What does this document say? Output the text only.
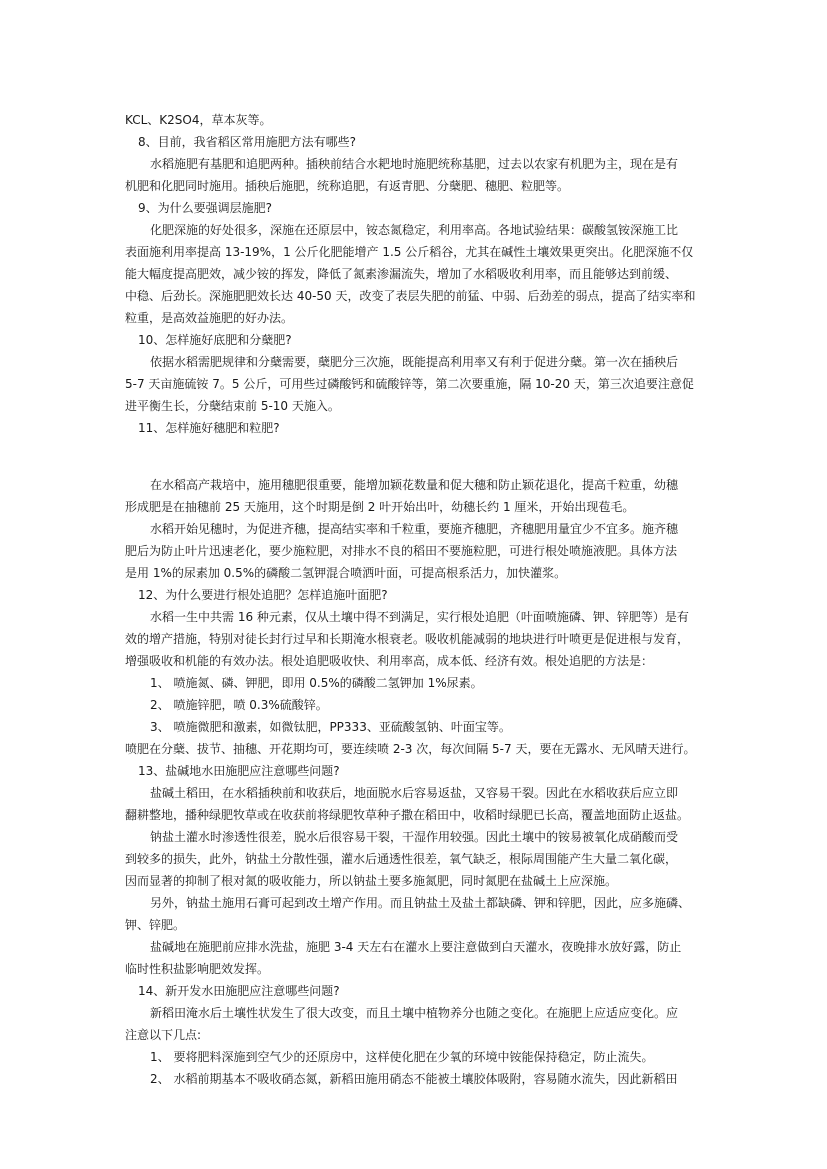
KCL、K2SO4，草本灰等。
8、目前，我省稻区常用施肥方法有哪些?
水稻施肥有基肥和追肥两种。插秧前结合水耙地时施肥统称基肥，过去以农家有机肥为主，现在是有
机肥和化肥同时施用。插秧后施肥，统称追肥，有返青肥、分蘖肥、穗肥、粒肥等。
9、为什么要强调层施肥?
化肥深施的好处很多，深施在还原层中，铵态氮稳定，利用率高。各地试验结果：碳酸氢铵深施工比
表面施利用率提高 13-19%，1 公斤化肥能增产 1.5 公斤稻谷，尤其在碱性土壤效果更突出。化肥深施不仅
能大幅度提高肥效，减少铵的挥发，降低了氮素渗漏流失，增加了水稻吸收利用率，而且能够达到前缓、
中稳、后劲长。深施肥肥效长达 40-50 天，改变了表层失肥的前猛、中弱、后劲差的弱点，提高了结实率和
粒重，是高效益施肥的好办法。
10、怎样施好底肥和分蘖肥?
依据水稻需肥规律和分蘖需要，蘖肥分三次施，既能提高利用率又有利于促进分蘖。第一次在插秧后
5-7 天亩施硫铵 7。5 公斤，可用些过磷酸钙和硫酸锌等，第二次要重施，隔 10-20 天，第三次追要注意促
进平衡生长，分蘖结束前 5-10 天施入。
11、怎样施好穗肥和粒肥?
在水稻高产栽培中，施用穗肥很重要，能增加颖花数量和促大穗和防止颖花退化，提高千粒重，幼穗
形成肥是在抽穗前 25 天施用，这个时期是倒 2 叶开始出叶，幼穗长约 1 厘米，开始出现苞毛。
水稻开始见穗时，为促进齐穗，提高结实率和千粒重，要施齐穗肥，齐穗肥用量宜少不宜多。施齐穗
肥后为防止叶片迅速老化，要少施粒肥，对排水不良的稻田不要施粒肥，可进行根处喷施液肥。具体方法
是用 1%的尿素加 0.5%的磷酸二氢钾混合喷洒叶面，可提高根系活力，加快灌浆。
12、为什么要进行根处追肥？怎样追施叶面肥?
水稻一生中共需 16 种元素，仅从土壤中得不到满足，实行根处追肥（叶面喷施磷、钾、锌肥等）是有
效的增产措施，特别对徒长封行过早和长期淹水根衰老。吸收机能减弱的地块进行叶喷更是促进根与发育，
增强吸收和机能的有效办法。根处追肥吸收快、利用率高，成本低、经济有效。根处追肥的方法是：
1、 喷施氮、磷、钾肥，即用 0.5%的磷酸二氢钾加 1%尿素。
2、 喷施锌肥，喷 0.3%硫酸锌。
3、 喷施微肥和激素，如微钛肥，PP333、亚硫酸氢钠、叶面宝等。
喷肥在分蘖、拔节、抽穗、开花期均可，要连续喷 2-3 次，每次间隔 5-7 天，要在无露水、无风晴天进行。
13、盐碱地水田施肥应注意哪些问题?
盐碱土稻田，在水稻插秧前和收获后，地面脱水后容易返盐，又容易干裂。因此在水稻收获后应立即
翻耕整地，播种绿肥牧草或在收获前将绿肥牧草种子撒在稻田中，收稻时绿肥已长高，覆盖地面防止返盐。
钠盐土灌水时渗透性很差，脱水后很容易干裂，干湿作用较强。因此土壤中的铵易被氧化成硝酸而受
到较多的损失，此外，钠盐土分散性强，灌水后通透性很差，氧气缺乏，根际周围能产生大量二氧化碳，
因而显著的抑制了根对氮的吸收能力，所以钠盐土要多施氮肥，同时氮肥在盐碱土上应深施。
另外，钠盐土施用石膏可起到改土增产作用。而且钠盐土及盐土都缺磷、钾和锌肥，因此，应多施磷、
钾、锌肥。
盐碱地在施肥前应排水洗盐，施肥 3-4 天左右在灌水上要注意做到白天灌水，夜晚排水放好露，防止
临时性积盐影响肥效发挥。
14、新开发水田施肥应注意哪些问题?
新稻田淹水后土壤性状发生了很大改变，而且土壤中植物养分也随之变化。在施肥上应适应变化。应
注意以下几点:
1、 要将肥料深施到空气少的还原房中，这样使化肥在少氧的环境中铵能保持稳定，防止流失。
2、 水稻前期基本不吸收硝态氮，新稻田施用硝态不能被土壤胶体吸附，容易随水流失，因此新稻田
